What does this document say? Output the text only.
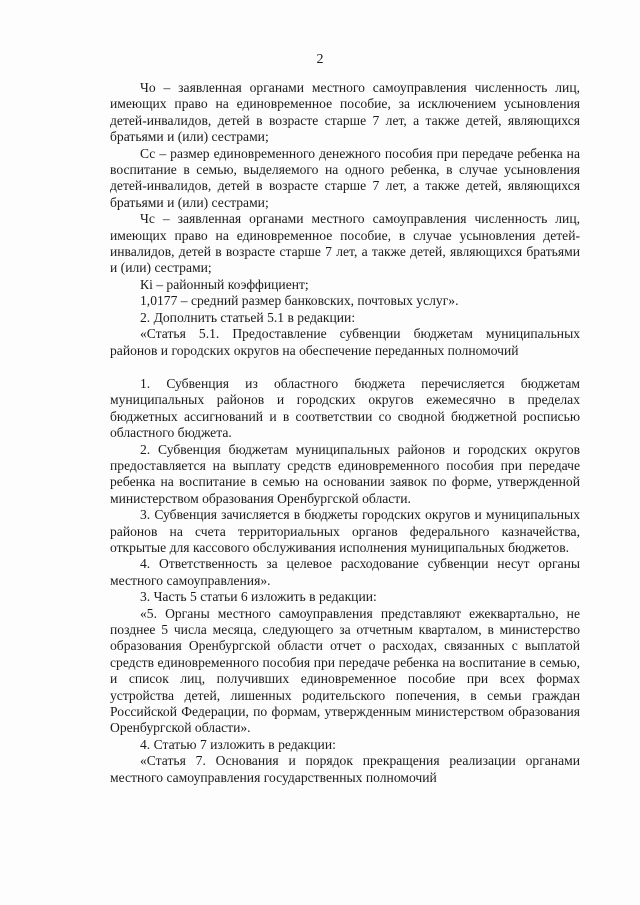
2

Чо – заявленная органами местного самоуправления численность лиц, имеющих право на единовременное пособие, за исключением усыновления детей-инвалидов, детей в возрасте старше 7 лет, а также детей, являющихся братьями и (или) сестрами;

Сс – размер единовременного денежного пособия при передаче ребенка на воспитание в семью, выделяемого на одного ребенка, в случае усыновления детей-инвалидов, детей в возрасте старше 7 лет, а также детей, являющихся братьями и (или) сестрами;

Чс – заявленная органами местного самоуправления численность лиц, имеющих право на единовременное пособие, в случае усыновления детей-инвалидов, детей в возрасте старше 7 лет, а также детей, являющихся братьями и (или) сестрами;

Кi – районный коэффициент;

1,0177 – средний размер банковских, почтовых услуг».

2. Дополнить статьей 5.1 в редакции:

«Статья 5.1. Предоставление субвенции бюджетам муниципальных районов и городских округов на обеспечение переданных полномочий

1. Субвенция из областного бюджета перечисляется бюджетам муниципальных районов и городских округов ежемесячно в пределах бюджетных ассигнований и в соответствии со сводной бюджетной росписью областного бюджета.

2. Субвенция бюджетам муниципальных районов и городских округов предоставляется на выплату средств единовременного пособия при передаче ребенка на воспитание в семью на основании заявок по форме, утвержденной министерством образования Оренбургской области.

3. Субвенция зачисляется в бюджеты городских округов и муниципальных районов на счета территориальных органов федерального казначейства, открытые для кассового обслуживания исполнения муниципальных бюджетов.

4. Ответственность за целевое расходование субвенции несут органы местного самоуправления».

3. Часть 5 статьи 6 изложить в редакции:

«5. Органы местного самоуправления представляют ежеквартально, не позднее 5 числа месяца, следующего за отчетным кварталом, в министерство образования Оренбургской области отчет о расходах, связанных с выплатой средств единовременного пособия при передаче ребенка на воспитание в семью, и список лиц, получивших единовременное пособие при всех формах устройства детей, лишенных родительского попечения, в семьи граждан Российской Федерации, по формам, утвержденным министерством образования Оренбургской области».

4. Статью 7 изложить в редакции:

«Статья 7. Основания и порядок прекращения реализации органами местного самоуправления государственных полномочий
